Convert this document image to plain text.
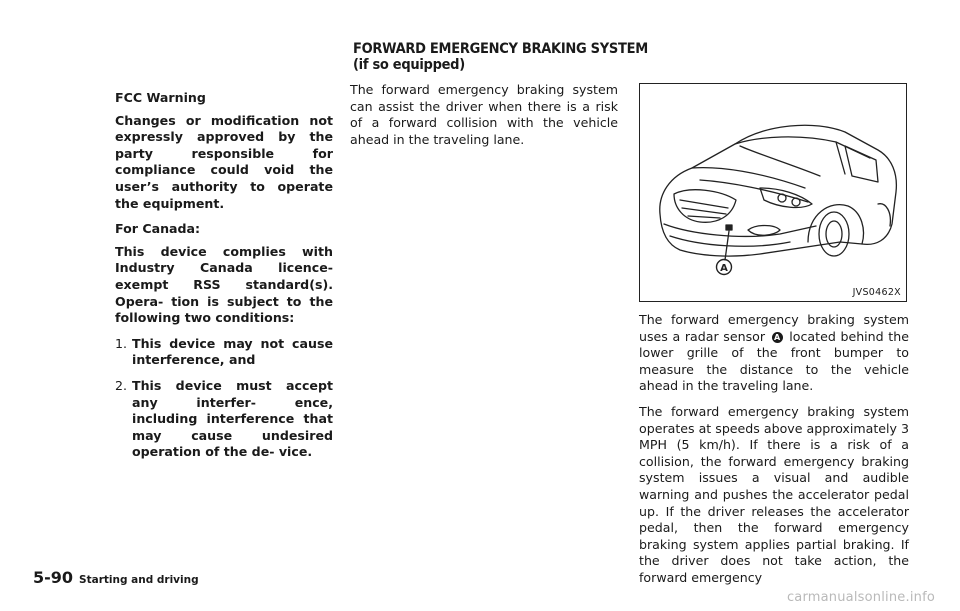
FCC Warning

Changes or modification not expressly approved by the party responsible for compliance could void the user’s authority to operate the equipment.

For Canada:

This device complies with Industry Canada licence-exempt RSS standard(s). Opera- tion is subject to the following two conditions:

1. This device may not cause interference, and
2. This device must accept any interfer- ence, including interference that may cause undesired operation of the de- vice.
FORWARD EMERGENCY BRAKING SYSTEM
(if so equipped)

The forward emergency braking system can assist the driver when there is a risk of a forward collision with the vehicle ahead in the traveling lane.

A
JVS0462X

The forward emergency braking system uses a radar sensor A located behind the lower grille of the front bumper to measure the distance to the vehicle ahead in the traveling lane.

The forward emergency braking system operates at speeds above approximately 3 MPH (5 km/h). If there is a risk of a collision, the forward emergency braking system issues a visual and audible warning and pushes the accelerator pedal up. If the driver releases the accelerator pedal, then the forward emergency braking system applies partial braking. If the driver does not take action, the forward emergency

5-90 Starting and driving
carmanualsonline.info
